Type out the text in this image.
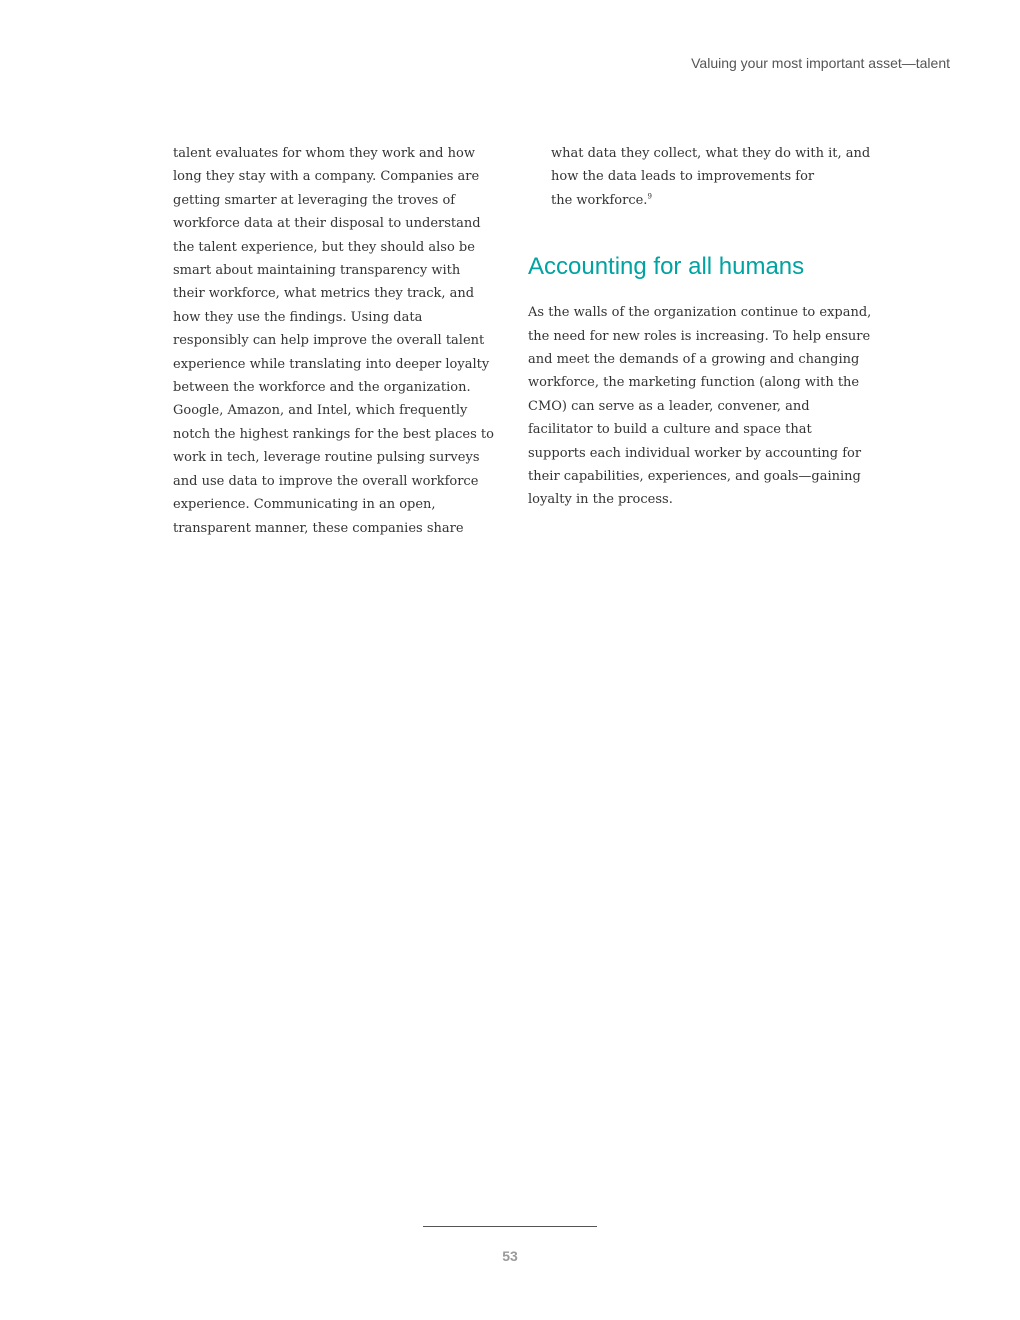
Valuing your most important asset—talent
talent evaluates for whom they work and how
long they stay with a company. Companies are
getting smarter at leveraging the troves of
workforce data at their disposal to understand
the talent experience, but they should also be
smart about maintaining transparency with
their workforce, what metrics they track, and
how they use the findings. Using data
responsibly can help improve the overall talent
experience while translating into deeper loyalty
between the workforce and the organization.
Google, Amazon, and Intel, which frequently
notch the highest rankings for the best places to
work in tech, leverage routine pulsing surveys
and use data to improve the overall workforce
experience. Communicating in an open,
transparent manner, these companies share
what data they collect, what they do with it, and
how the data leads to improvements for
the workforce.$^9$
Accounting for all humans
As the walls of the organization continue to expand,
the need for new roles is increasing. To help ensure
and meet the demands of a growing and changing
workforce, the marketing function (along with the
CMO) can serve as a leader, convener, and
facilitator to build a culture and space that
supports each individual worker by accounting for
their capabilities, experiences, and goals—gaining
loyalty in the process.
53
